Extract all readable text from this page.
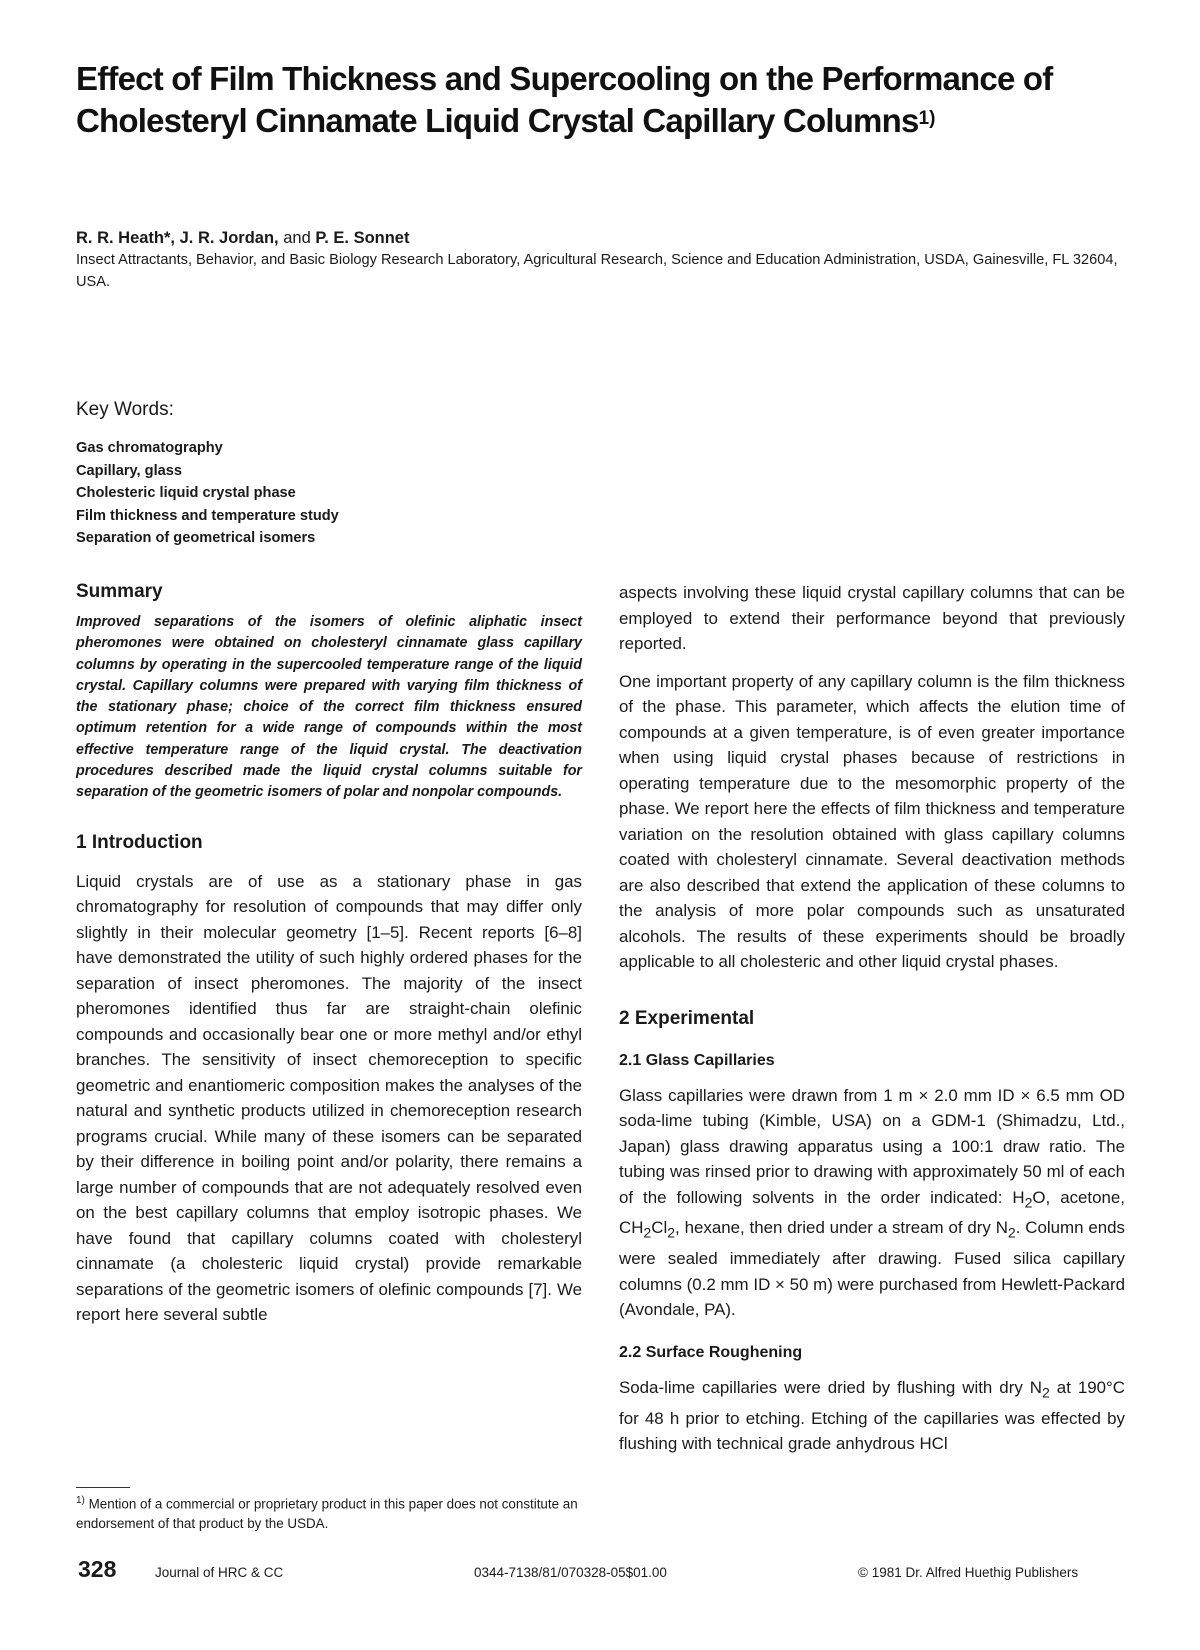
Effect of Film Thickness and Supercooling on the Performance of Cholesteryl Cinnamate Liquid Crystal Capillary Columns$^{1)}$
R. R. Heath*, J. R. Jordan, and P. E. Sonnet
Insect Attractants, Behavior, and Basic Biology Research Laboratory, Agricultural Research, Science and Education Administration, USDA, Gainesville, FL 32604, USA.
Key Words:
Gas chromatography
Capillary, glass
Cholesteric liquid crystal phase
Film thickness and temperature study
Separation of geometrical isomers
Summary

Improved separations of the isomers of olefinic aliphatic insect pheromones were obtained on cholesteryl cinnamate glass capillary columns by operating in the supercooled temperature range of the liquid crystal. Capillary columns were prepared with varying film thickness of the stationary phase; choice of the correct film thickness ensured optimum retention for a wide range of compounds within the most effective temperature range of the liquid crystal. The deactivation procedures described made the liquid crystal columns suitable for separation of the geometric isomers of polar and nonpolar compounds.

1 Introduction

Liquid crystals are of use as a stationary phase in gas chromatography for resolution of compounds that may differ only slightly in their molecular geometry [1–5]. Recent reports [6–8] have demonstrated the utility of such highly ordered phases for the separation of insect pheromones. The majority of the insect pheromones identified thus far are straight-chain olefinic compounds and occasionally bear one or more methyl and/or ethyl branches. The sensitivity of insect chemoreception to specific geometric and enantiomeric composition makes the analyses of the natural and synthetic products utilized in chemoreception research programs crucial. While many of these isomers can be separated by their difference in boiling point and/or polarity, there remains a large number of compounds that are not adequately resolved even on the best capillary columns that employ isotropic phases. We have found that capillary columns coated with cholesteryl cinnamate (a cholesteric liquid crystal) provide remarkable separations of the geometric isomers of olefinic compounds [7]. We report here several subtle

aspects involving these liquid crystal capillary columns that can be employed to extend their performance beyond that previously reported.

One important property of any capillary column is the film thickness of the phase. This parameter, which affects the elution time of compounds at a given temperature, is of even greater importance when using liquid crystal phases because of restrictions in operating temperature due to the mesomorphic property of the phase. We report here the effects of film thickness and temperature variation on the resolution obtained with glass capillary columns coated with cholesteryl cinnamate. Several deactivation methods are also described that extend the application of these columns to the analysis of more polar compounds such as unsaturated alcohols. The results of these experiments should be broadly applicable to all cholesteric and other liquid crystal phases.

2 Experimental
2.1 Glass Capillaries

Glass capillaries were drawn from 1 m × 2.0 mm ID × 6.5 mm OD soda-lime tubing (Kimble, USA) on a GDM-1 (Shimadzu, Ltd., Japan) glass drawing apparatus using a 100:1 draw ratio. The tubing was rinsed prior to drawing with approximately 50 ml of each of the following solvents in the order indicated: $H_2O$, acetone, $CH_2Cl_2$, hexane, then dried under a stream of dry $N_2$. Column ends were sealed immediately after drawing. Fused silica capillary columns (0.2 mm ID × 50 m) were purchased from Hewlett-Packard (Avondale, PA).

2.2 Surface Roughening

Soda-lime capillaries were dried by flushing with dry $N_2$ at 190°C for 48 h prior to etching. Etching of the capillaries was effected by flushing with technical grade anhydrous HCl

$^{1)}$ Mention of a commercial or proprietary product in this paper does not constitute an endorsement of that product by the USDA.
328	Journal of HRC & CC	0344-7138/81/070328-05$01.00	© 1981 Dr. Alfred Huethig Publishers
